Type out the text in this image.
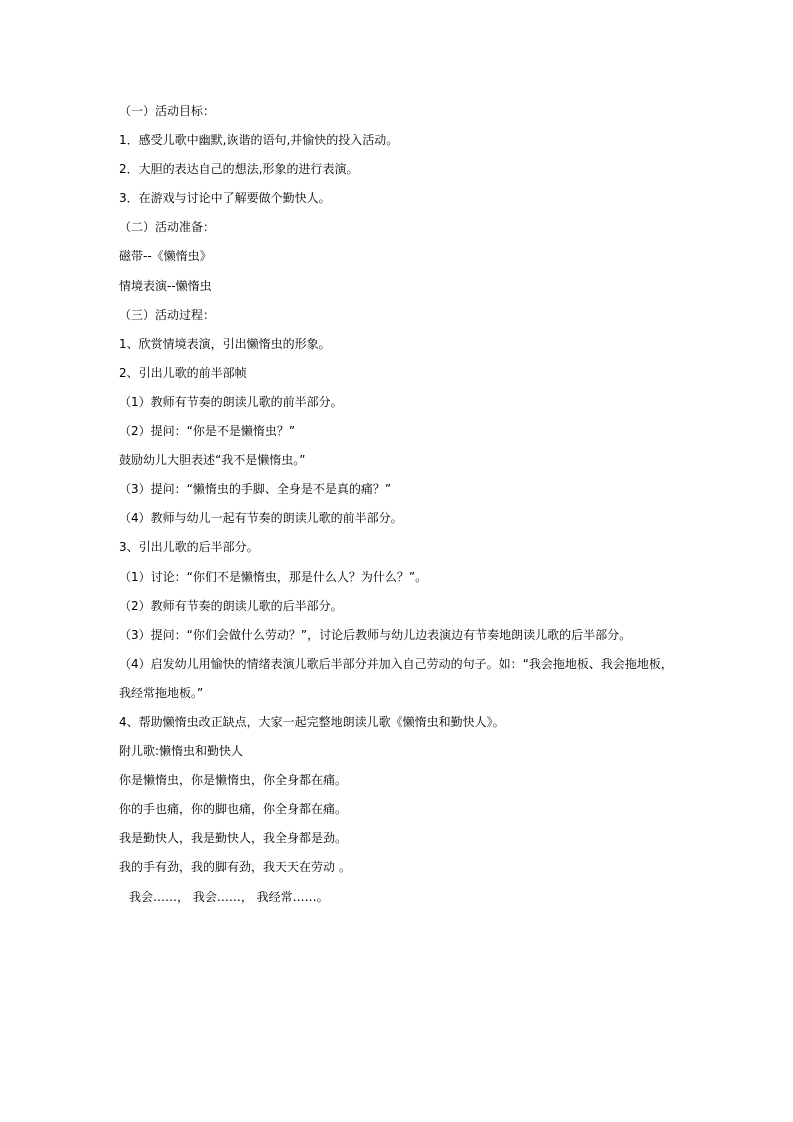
（一）活动目标：
1．感受儿歌中幽默,诙谐的语句,并愉快的投入活动。
2．大胆的表达自己的想法,形象的进行表演。
3．在游戏与讨论中了解要做个勤快人。
（二）活动准备：
磁带--《懒惰虫》
情境表演--懒惰虫
（三）活动过程：
1、欣赏情境表演，引出懒惰虫的形象。
2、引出儿歌的前半部帧
（1）教师有节奏的朗读儿歌的前半部分。
（2）提问：“你是不是懒惰虫？”
鼓励幼儿大胆表述“我不是懒惰虫。”
（3）提问：“懒惰虫的手脚、全身是不是真的痛？”
（4）教师与幼儿一起有节奏的朗读儿歌的前半部分。
3、引出儿歌的后半部分。
（1）讨论：“你们不是懒惰虫，那是什么人？为什么？”。
（2）教师有节奏的朗读儿歌的后半部分。
（3）提问：“你们会做什么劳动？”，讨论后教师与幼儿边表演边有节奏地朗读儿歌的后半部分。
（4）启发幼儿用愉快的情绪表演儿歌后半部分并加入自己劳动的句子。如：“我会拖地板、我会拖地板，
我经常拖地板。”
4、帮助懒惰虫改正缺点，大家一起完整地朗读儿歌《懒惰虫和勤快人》。
附儿歌:懒惰虫和勤快人
你是懒惰虫，你是懒惰虫，你全身都在痛。
你的手也痛，你的脚也痛，你全身都在痛。
我是勤快人，我是勤快人，我全身都是劲。
我的手有劲，我的脚有劲，我天天在劳动 。
我会……， 我会……， 我经常……。
